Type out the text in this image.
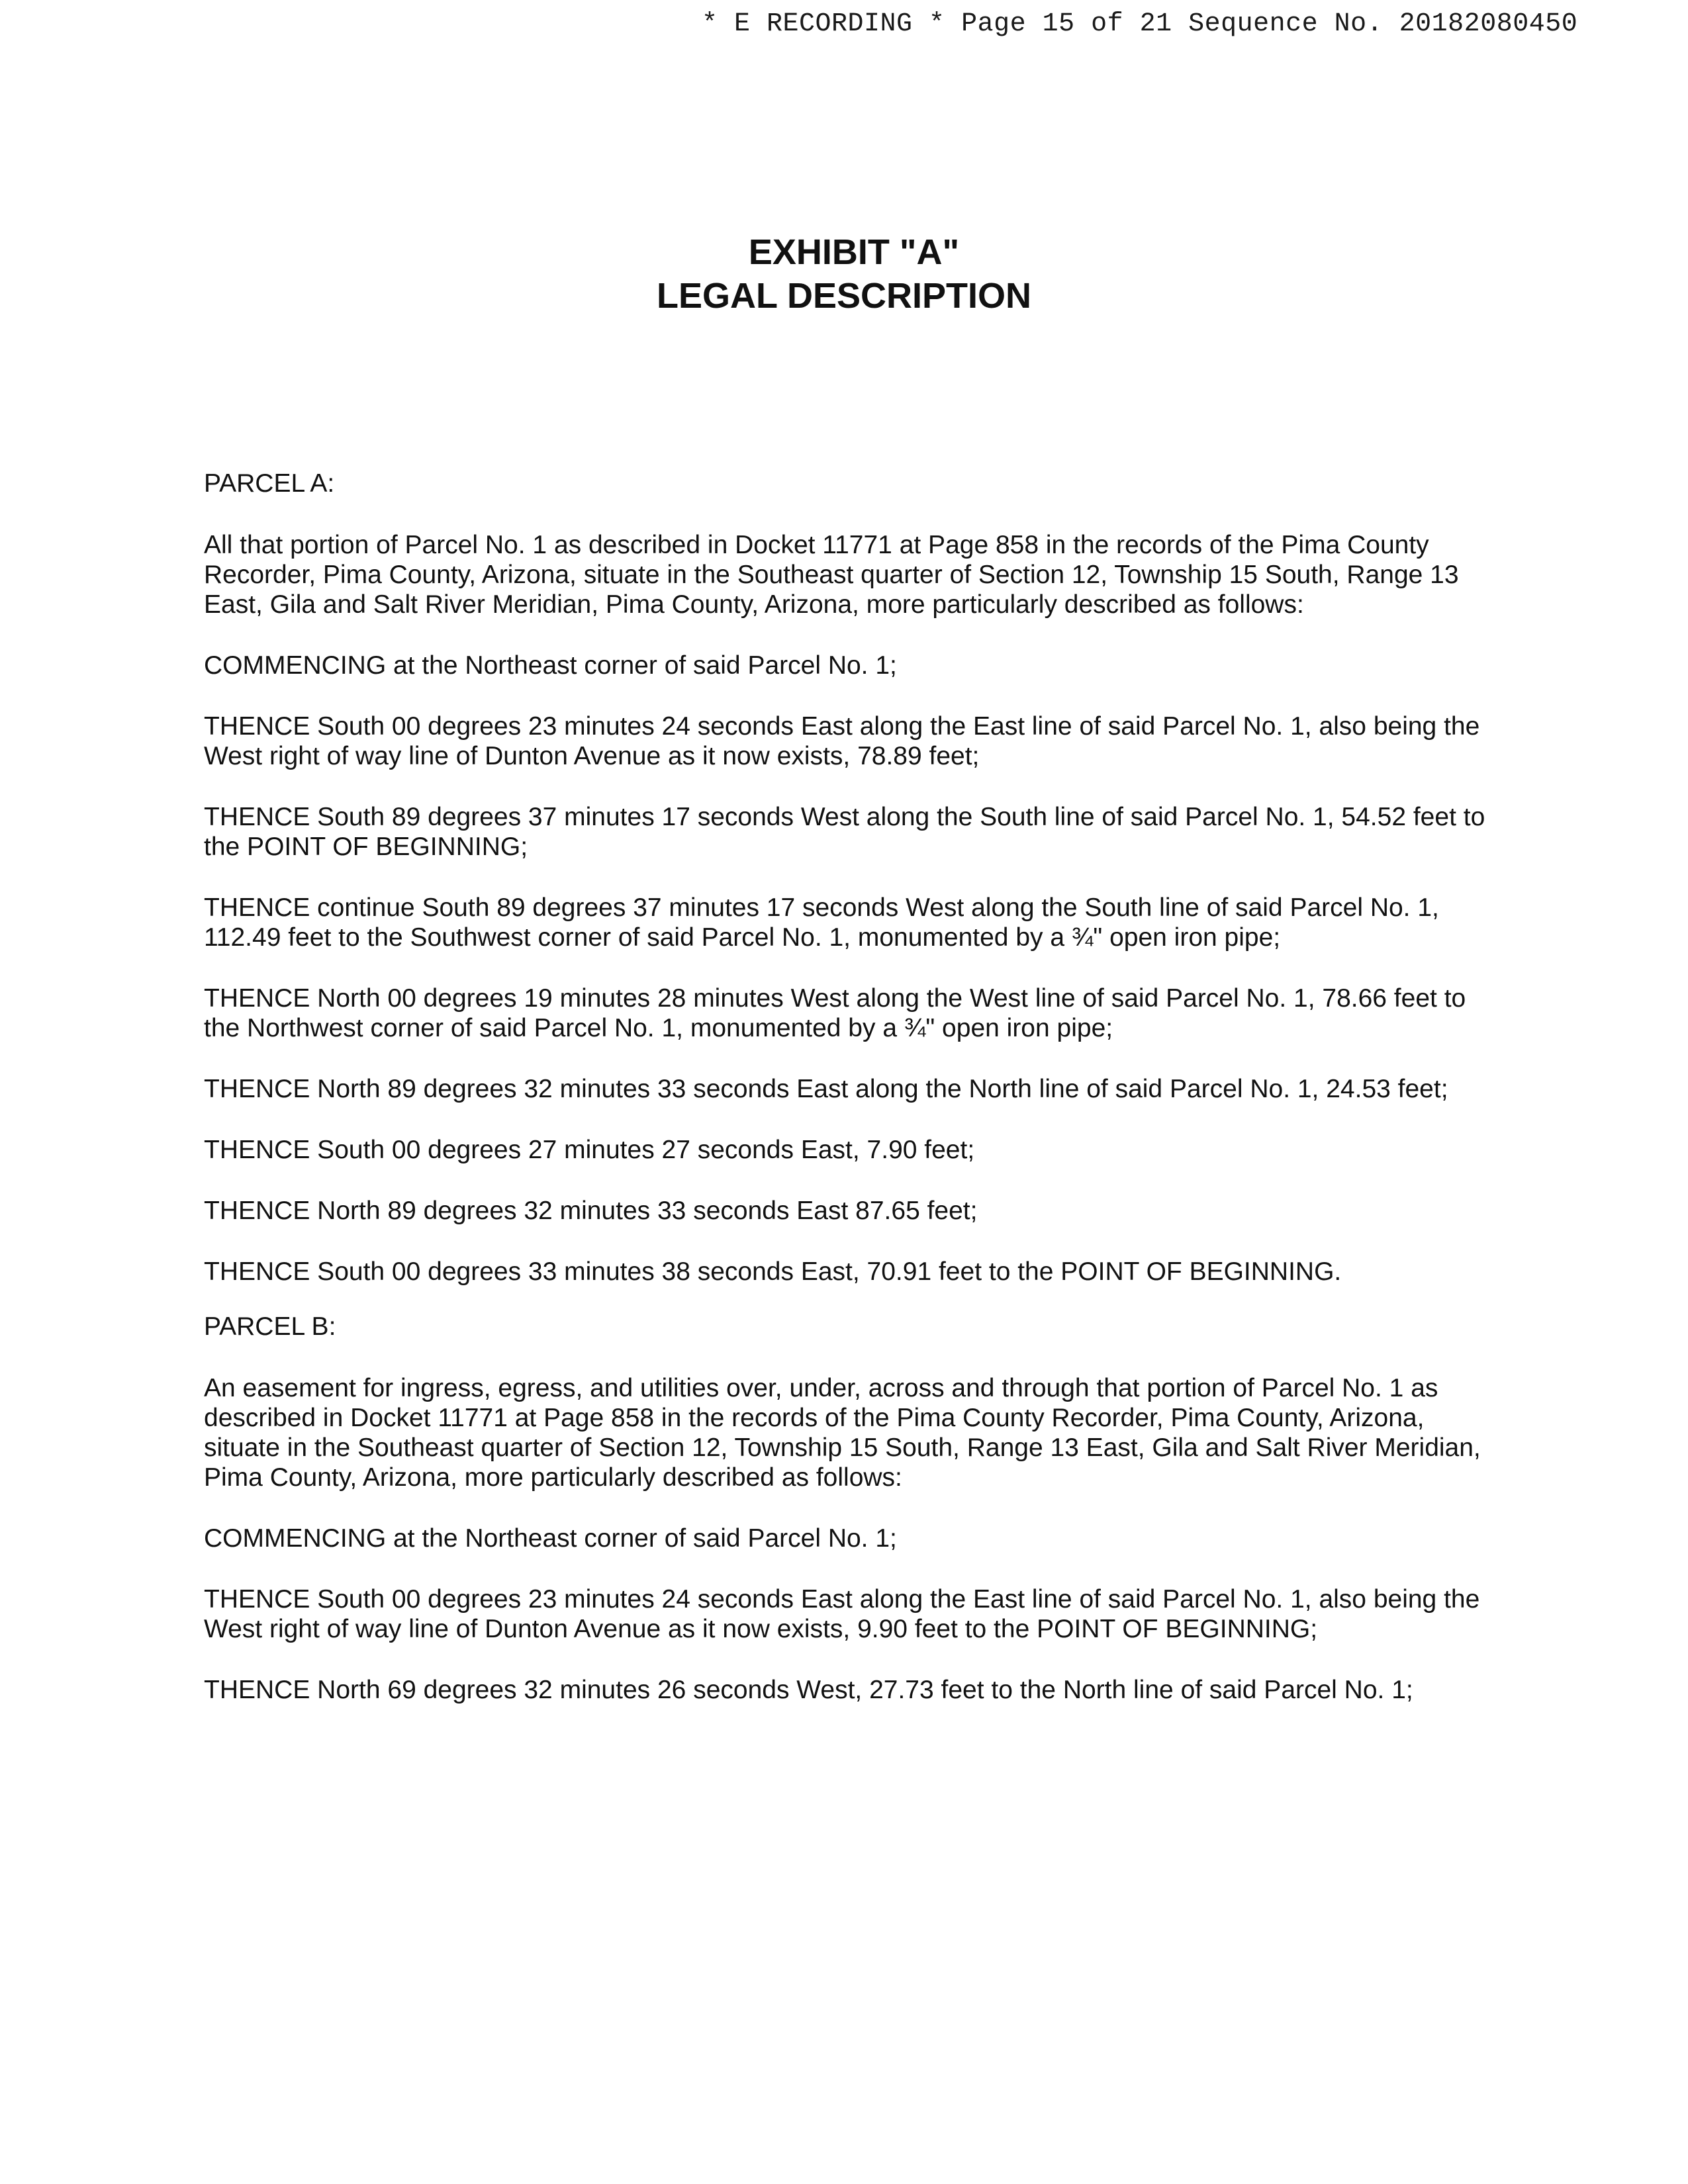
* E RECORDING * Page 15 of 21 Sequence No. 20182080450
EXHIBIT "A"
LEGAL DESCRIPTION

PARCEL A:

All that portion of Parcel No. 1 as described in Docket 11771 at Page 858 in the records of the Pima County Recorder, Pima County, Arizona, situate in the Southeast quarter of Section 12, Township 15 South, Range 13 East, Gila and Salt River Meridian, Pima County, Arizona, more particularly described as follows:

COMMENCING at the Northeast corner of said Parcel No. 1;

THENCE South 00 degrees 23 minutes 24 seconds East along the East line of said Parcel No. 1, also being the West right of way line of Dunton Avenue as it now exists, 78.89 feet;

THENCE South 89 degrees 37 minutes 17 seconds West along the South line of said Parcel No. 1, 54.52 feet to the POINT OF BEGINNING;

THENCE continue South 89 degrees 37 minutes 17 seconds West along the South line of said Parcel No. 1, 112.49 feet to the Southwest corner of said Parcel No. 1, monumented by a ¾" open iron pipe;

THENCE North 00 degrees 19 minutes 28 minutes West along the West line of said Parcel No. 1, 78.66 feet to the Northwest corner of said Parcel No. 1, monumented by a ¾" open iron pipe;

THENCE North 89 degrees 32 minutes 33 seconds East along the North line of said Parcel No. 1, 24.53 feet;

THENCE South 00 degrees 27 minutes 27 seconds East, 7.90 feet;

THENCE North 89 degrees 32 minutes 33 seconds East 87.65 feet;

THENCE South 00 degrees 33 minutes 38 seconds East, 70.91 feet to the POINT OF BEGINNING.

PARCEL B:

An easement for ingress, egress, and utilities over, under, across and through that portion of Parcel No. 1 as described in Docket 11771 at Page 858 in the records of the Pima County Recorder, Pima County, Arizona, situate in the Southeast quarter of Section 12, Township 15 South, Range 13 East, Gila and Salt River Meridian, Pima County, Arizona, more particularly described as follows:

COMMENCING at the Northeast corner of said Parcel No. 1;

THENCE South 00 degrees 23 minutes 24 seconds East along the East line of said Parcel No. 1, also being the West right of way line of Dunton Avenue as it now exists, 9.90 feet to the POINT OF BEGINNING;

THENCE North 69 degrees 32 minutes 26 seconds West, 27.73 feet to the North line of said Parcel No. 1;
